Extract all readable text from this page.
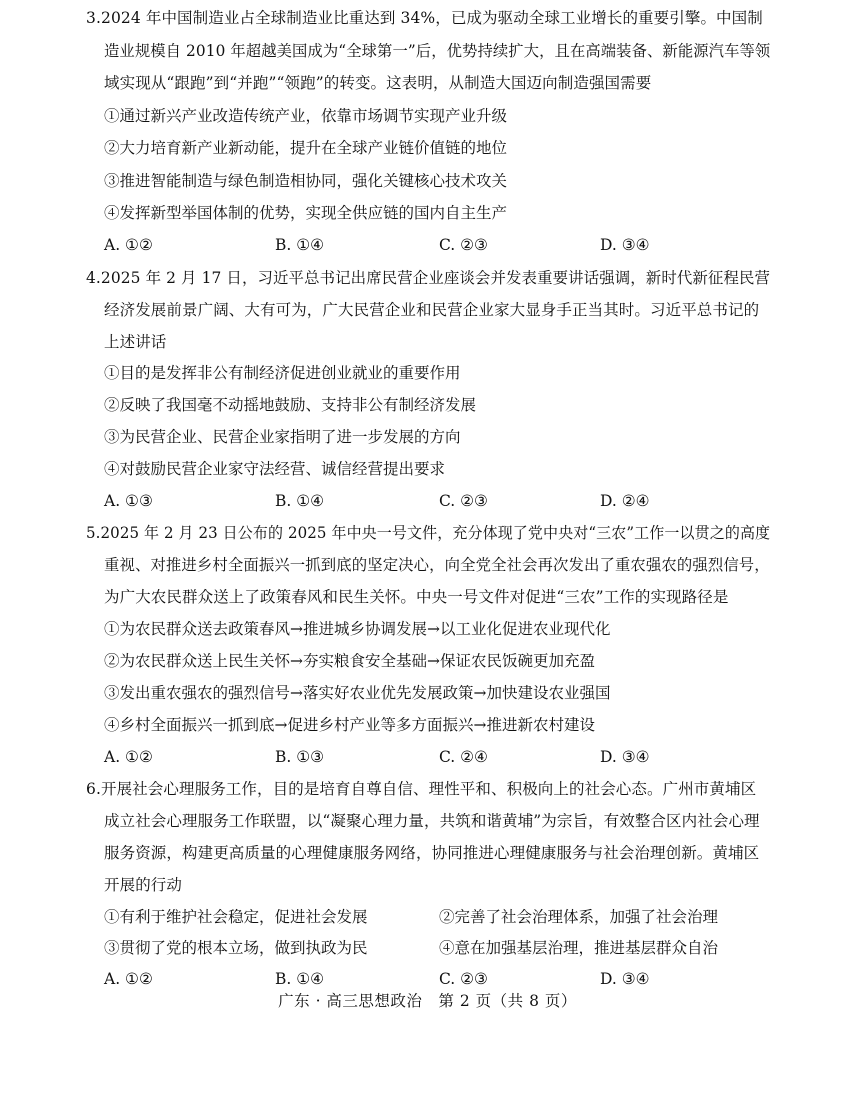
3.2024 年中国制造业占全球制造业比重达到 34%，已成为驱动全球工业增长的重要引擎。中国制
造业规模自 2010 年超越美国成为“全球第一”后，优势持续扩大，且在高端装备、新能源汽车等领
域实现从“跟跑”到“并跑”“领跑”的转变。这表明，从制造大国迈向制造强国需要
①通过新兴产业改造传统产业，依靠市场调节实现产业升级
②大力培育新产业新动能，提升在全球产业链价值链的地位
③推进智能制造与绿色制造相协同，强化关键核心技术攻关
④发挥新型举国体制的优势，实现全供应链的国内自主生产
A. ①②	B. ①④	C. ②③	D. ③④
4.2025 年 2 月 17 日，习近平总书记出席民营企业座谈会并发表重要讲话强调，新时代新征程民营
经济发展前景广阔、大有可为，广大民营企业和民营企业家大显身手正当其时。习近平总书记的
上述讲话
①目的是发挥非公有制经济促进创业就业的重要作用
②反映了我国毫不动摇地鼓励、支持非公有制经济发展
③为民营企业、民营企业家指明了进一步发展的方向
④对鼓励民营企业家守法经营、诚信经营提出要求
A. ①③	B. ①④	C. ②③	D. ②④
5.2025 年 2 月 23 日公布的 2025 年中央一号文件，充分体现了党中央对“三农”工作一以贯之的高度
重视、对推进乡村全面振兴一抓到底的坚定决心，向全党全社会再次发出了重农强农的强烈信号，
为广大农民群众送上了政策春风和民生关怀。中央一号文件对促进“三农”工作的实现路径是
①为农民群众送去政策春风→推进城乡协调发展→以工业化促进农业现代化
②为农民群众送上民生关怀→夯实粮食安全基础→保证农民饭碗更加充盈
③发出重农强农的强烈信号→落实好农业优先发展政策→加快建设农业强国
④乡村全面振兴一抓到底→促进乡村产业等多方面振兴→推进新农村建设
A. ①②	B. ①③	C. ②④	D. ③④
6.开展社会心理服务工作，目的是培育自尊自信、理性平和、积极向上的社会心态。广州市黄埔区
成立社会心理服务工作联盟，以“凝聚心理力量，共筑和谐黄埔”为宗旨，有效整合区内社会心理
服务资源，构建更高质量的心理健康服务网络，协同推进心理健康服务与社会治理创新。黄埔区
开展的行动
①有利于维护社会稳定，促进社会发展	②完善了社会治理体系，加强了社会治理
③贯彻了党的根本立场，做到执政为民	④意在加强基层治理，推进基层群众自治
A. ①②	B. ①④	C. ②③	D. ③④
广东 · 高三思想政治　第 2 页（共 8 页）
